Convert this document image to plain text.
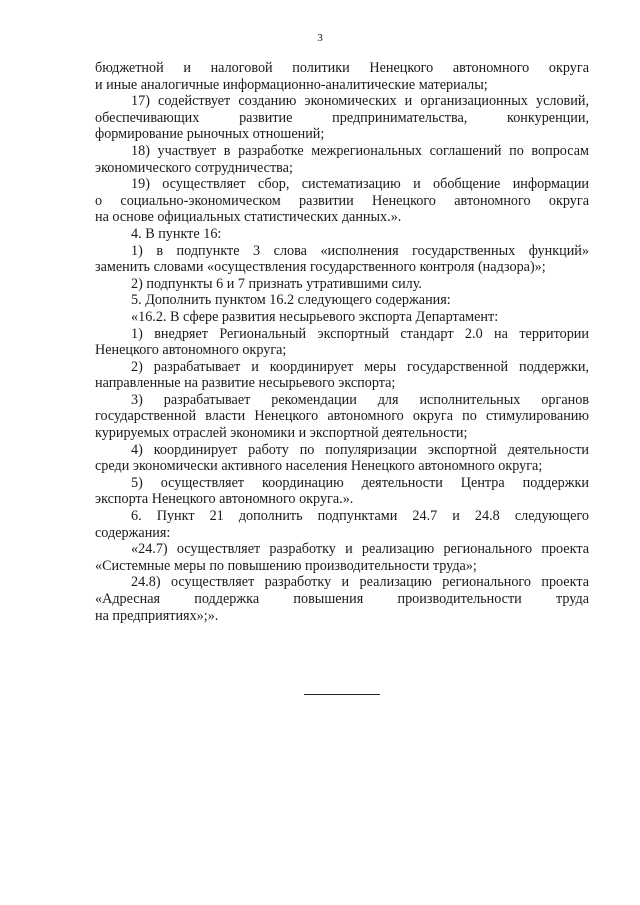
3
бюджетной и налоговой политики Ненецкого автономного округа
и иные аналогичные информационно-аналитические материалы;
17) содействует созданию экономических и организационных условий,
обеспечивающих развитие предпринимательства, конкуренции,
формирование рыночных отношений;
18) участвует в разработке межрегиональных соглашений по вопросам
экономического сотрудничества;
19) осуществляет сбор, систематизацию и обобщение информации
о социально-экономическом развитии Ненецкого автономного округа
на основе официальных статистических данных.».
4. В пункте 16:
1) в подпункте 3 слова «исполнения государственных функций»
заменить словами «осуществления государственного контроля (надзора)»;
2) подпункты 6 и 7 признать утратившими силу.
5. Дополнить пунктом 16.2 следующего содержания:
«16.2. В сфере развития несырьевого экспорта Департамент:
1) внедряет Региональный экспортный стандарт 2.0 на территории
Ненецкого автономного округа;
2) разрабатывает и координирует меры государственной поддержки,
направленные на развитие несырьевого экспорта;
3) разрабатывает рекомендации для исполнительных органов
государственной власти Ненецкого автономного округа по стимулированию
курируемых отраслей экономики и экспортной деятельности;
4) координирует работу по популяризации экспортной деятельности
среди экономически активного населения Ненецкого автономного округа;
5) осуществляет координацию деятельности Центра поддержки
экспорта Ненецкого автономного округа.».
6. Пункт 21 дополнить подпунктами 24.7 и 24.8 следующего
содержания:
«24.7) осуществляет разработку и реализацию регионального проекта
«Системные меры по повышению производительности труда»;
24.8) осуществляет разработку и реализацию регионального проекта
«Адресная поддержка повышения производительности труда
на предприятиях»;».
